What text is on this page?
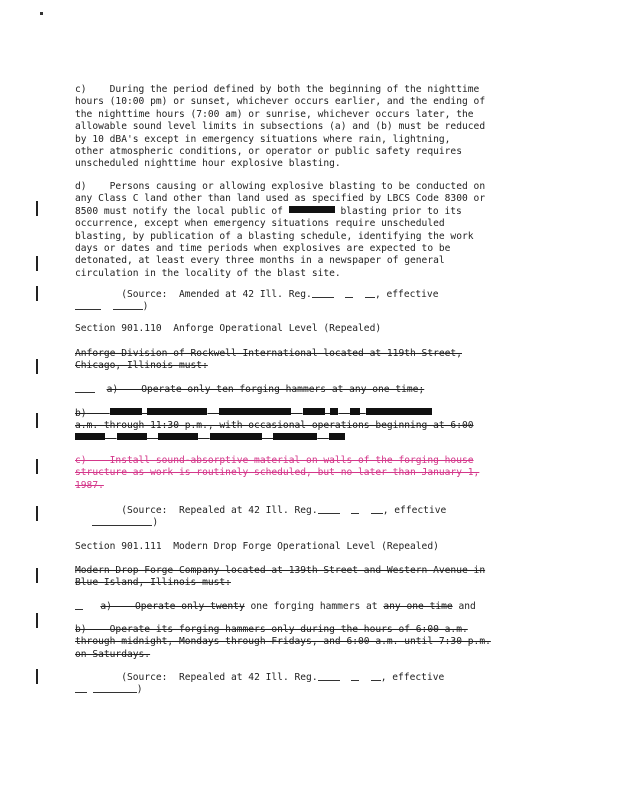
c)    During the period defined by both the beginning of the nighttime
hours (10:00 pm) or sunset, whichever occurs earlier, and the ending of
the nighttime hours (7:00 am) or sunrise, whichever occurs later, the
allowable sound level limits in subsections (a) and (b) must be reduced
by 10 dBA's except in emergency situations where rain, lightning,
other atmospheric conditions, or operator or public safety requires
unscheduled nighttime hour explosive blasting.
d)    Persons causing or allowing explosive blasting to be conducted on
any Class C land other than land used as specified by LBCS Code 8300 or
8500 must notify the local public of	blasting prior to its
occurrence, except when emergency situations require unscheduled
blasting, by publication of a blasting schedule, identifying the work
days or dates and time periods when explosives are expected to be
detonated, at least every three months in a newspaper of general
circulation in the locality of the blast site.
(Source:  Amended at 42 Ill. Reg.	, effective
)
Section 901.110  Anforge Operational Level (Repealed)
Anforge Division of Rockwell International located at 119th Street,
Chicago, Illinois must:
a)    Operate only ten forging hammers at any one time;
b)
a.m. through 11:30 p.m., with occasional operations beginning at 6:00

c)    Install sound-absorptive material on walls of the forging house
structure as work is routinely scheduled, but no later than January 1,
1987.
(Source:  Repealed at 42 Ill. Reg.	, effective
)
Section 901.111  Modern Drop Forge Operational Level (Repealed)
Modern Drop Forge Company located at 139th Street and Western Avenue in
Blue Island, Illinois must:
a)    Operate only twenty one forging hammers at any one time and
b)    Operate its forging hammers only during the hours of 6:00 a.m.
through midnight, Mondays through Fridays, and 6:00 a.m. until 7:30 p.m.
on Saturdays.
(Source:  Repealed at 42 Ill. Reg.	, effective
)
